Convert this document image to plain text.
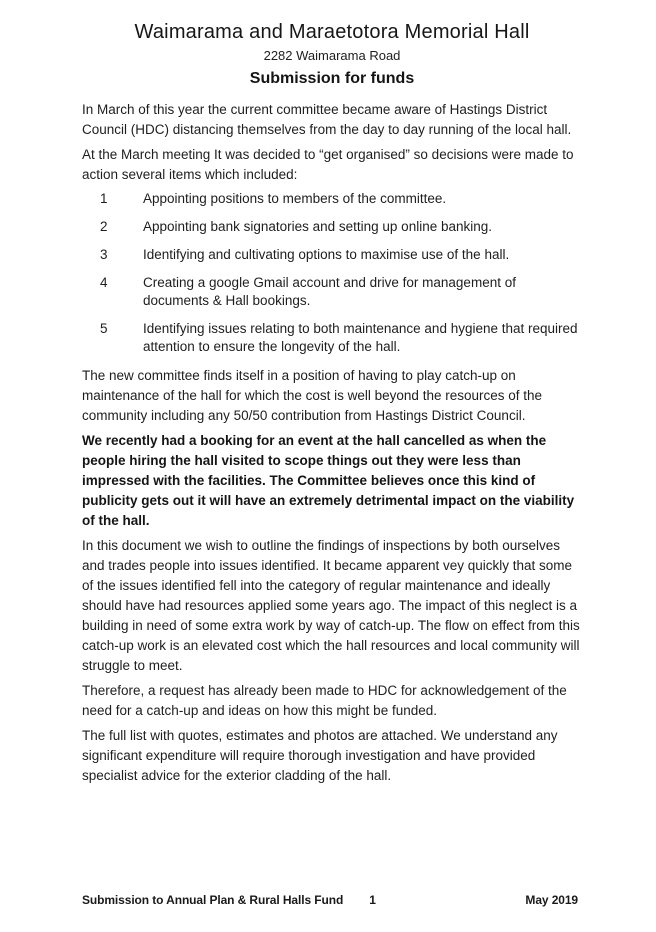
Waimarama and Maraetotora Memorial Hall
2282 Waimarama Road
Submission for funds

In March of this year the current committee became aware of Hastings District Council (HDC) distancing themselves from the day to day running of the local hall.

At the March meeting It was decided to “get organised” so decisions were made to action several items which included:

1	Appointing positions to members of the committee.
2	Appointing bank signatories and setting up online banking.
3	Identifying and cultivating options to maximise use of the hall.
4	Creating a google Gmail account and drive for management of documents & Hall bookings.
5	Identifying issues relating to both maintenance and hygiene that required attention to ensure the longevity of the hall.

The new committee finds itself in a position of having to play catch-up on maintenance of the hall for which the cost is well beyond the resources of the community including any 50/50 contribution from Hastings District Council.

We recently had a booking for an event at the hall cancelled as when the people hiring the hall visited to scope things out they were less than impressed with the facilities. The Committee believes once this kind of publicity gets out it will have an extremely detrimental impact on the viability of the hall.

In this document we wish to outline the findings of inspections by both ourselves and trades people into issues identified. It became apparent vey quickly that some of the issues identified fell into the category of regular maintenance and ideally should have had resources applied some years ago. The impact of this neglect is a building in need of some extra work by way of catch-up. The flow on effect from this catch-up work is an elevated cost which the hall resources and local community will struggle to meet.

Therefore, a request has already been made to HDC for acknowledgement of the need for a catch-up and ideas on how this might be funded.

The full list with quotes, estimates and photos are attached. We understand any significant expenditure will require thorough investigation and have provided specialist advice for the exterior cladding of the hall.

Submission to Annual Plan & Rural Halls Fund 1	May 2019
